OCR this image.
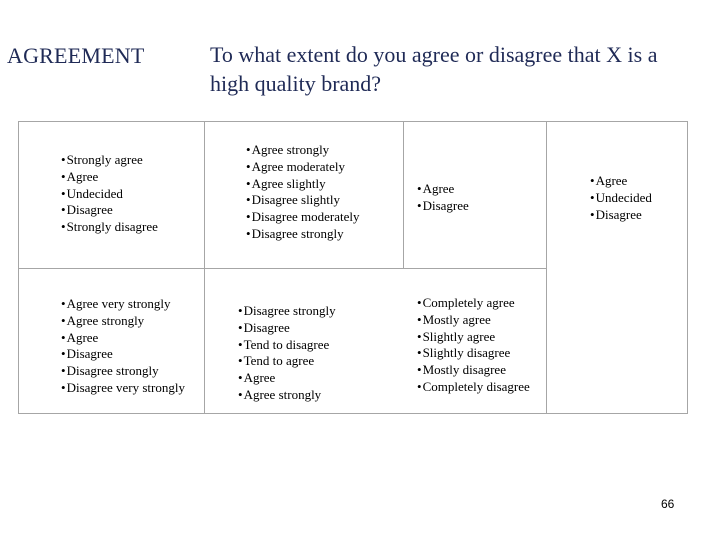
AGREEMENT	To what extent do you agree or disagree that X is a high quality brand?
• Strongly agree
• Agree
• Undecided
• Disagree
• Strongly disagree
• Agree strongly
• Agree moderately
• Agree slightly
• Disagree slightly
• Disagree moderately
• Disagree strongly
• Agree
• Disagree
• Agree
• Undecided
• Disagree
• Agree very strongly
• Agree strongly
• Agree
• Disagree
• Disagree strongly
• Disagree very strongly
• Disagree strongly
• Disagree
• Tend to disagree
• Tend to agree
• Agree
• Agree strongly
• Completely agree
• Mostly agree
• Slightly agree
• Slightly disagree
• Mostly disagree
• Completely disagree
66
